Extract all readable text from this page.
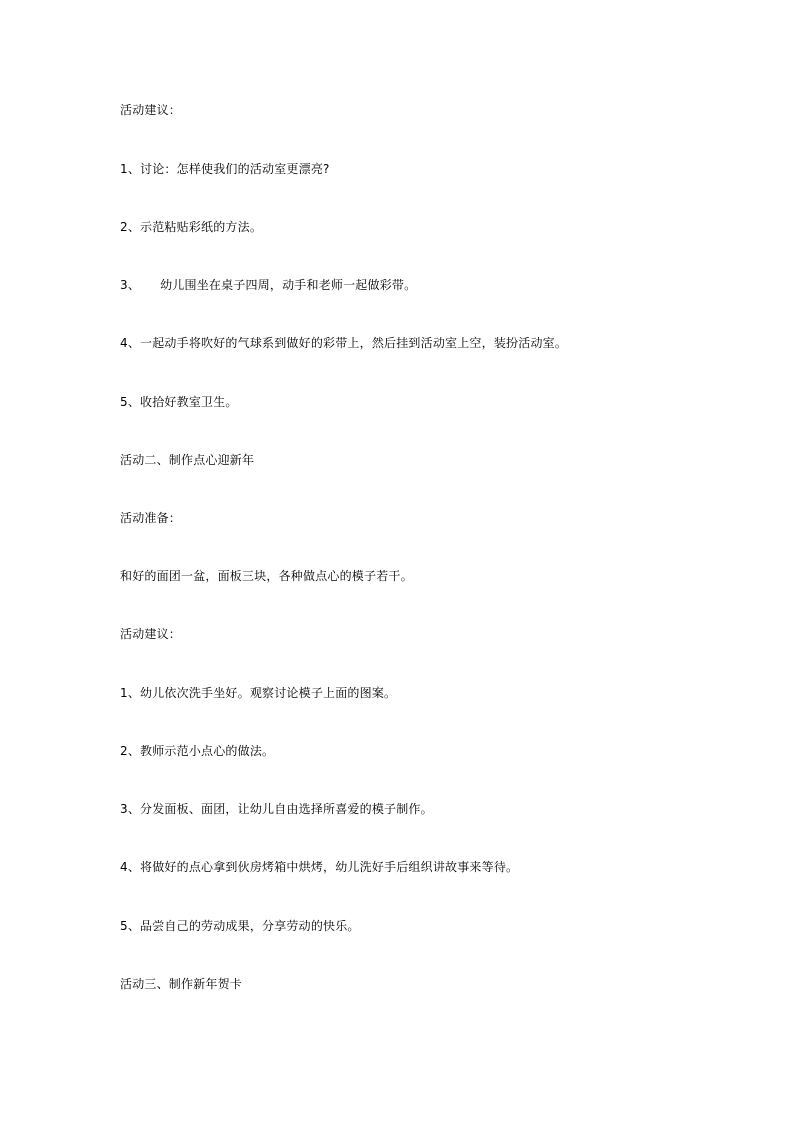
活动建议：
1、讨论：怎样使我们的活动室更漂亮?
2、示范粘贴彩纸的方法。
3、     幼儿围坐在桌子四周，动手和老师一起做彩带。
4、一起动手将吹好的气球系到做好的彩带上，然后挂到活动室上空，装扮活动室。
5、收拾好教室卫生。
活动二、制作点心迎新年
活动准备：
和好的面团一盆，面板三块，各种做点心的模子若干。
活动建议：
1、幼儿依次洗手坐好。观察讨论模子上面的图案。
2、教师示范小点心的做法。
3、分发面板、面团，让幼儿自由选择所喜爱的模子制作。
4、将做好的点心拿到伙房烤箱中烘烤，幼儿洗好手后组织讲故事来等待。
5、品尝自己的劳动成果，分享劳动的快乐。
活动三、制作新年贺卡
